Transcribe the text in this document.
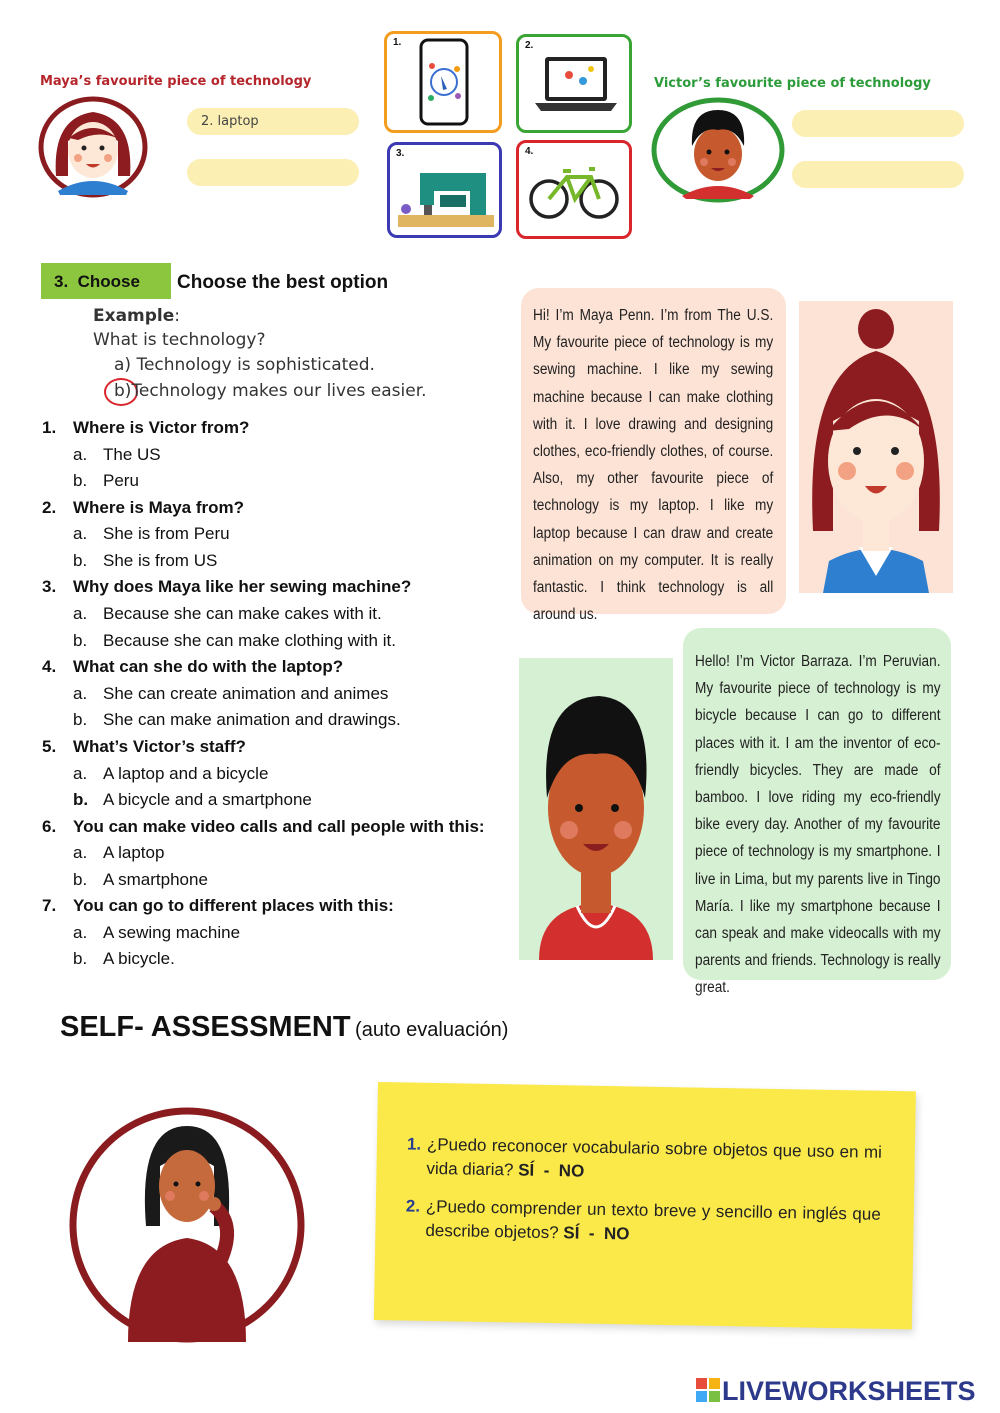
Maya’s favourite piece of technology
2. laptop
1.	2.
3.	4.
Victor’s favourite piece of technology
3.  Choose Choose the best option
Example:
What is technology?
a) Technology is sophisticated.
b)Technology makes our lives easier.
1. Where is Victor from?
a. The US
b. Peru
2. Where is Maya from?
a. She is from Peru
b. She is from US
3. Why does Maya like her sewing machine?
a. Because she can make cakes with it.
b. Because she can make clothing with it.
4. What can she do with the laptop?
a. She can create animation and animes
b. She can make animation and drawings.
5. What’s Victor’s staff?
a. A laptop and a bicycle
b. A bicycle and a smartphone
6. You can make video calls and call people with this:
a. A laptop
b. A smartphone
7. You can go to different places with this:
a. A sewing machine
b. A bicycle.
Hi! I’m Maya Penn. I’m from The U.S. My favourite piece of technology is my sewing machine. I like my sewing machine because I can make clothing with it. I love drawing and designing clothes, eco-friendly clothes, of course. Also, my other favourite piece of technology is my laptop. I like my laptop because I can draw and create animation on my computer. It is really fantastic. I think technology is all around us.
Hello! I’m Victor Barraza. I’m Peruvian. My favourite piece of technology is my bicycle because I can go to different places with it. I am the inventor of eco-friendly bicycles. They are made of bamboo. I love riding my eco-friendly bike every day. Another of my favourite piece of technology is my smartphone. I live in Lima, but my parents live in Tingo María. I like my smartphone because I can speak and make videocalls with my parents and friends. Technology is really great.
SELF- ASSESSMENT (auto evaluación)
1. ¿Puedo reconocer vocabulario sobre objetos que uso en mi vida diaria? SÍ  -  NO
2. ¿Puedo comprender un texto breve y sencillo en inglés que describe objetos? SÍ  -  NO
LIVEWORKSHEETS
